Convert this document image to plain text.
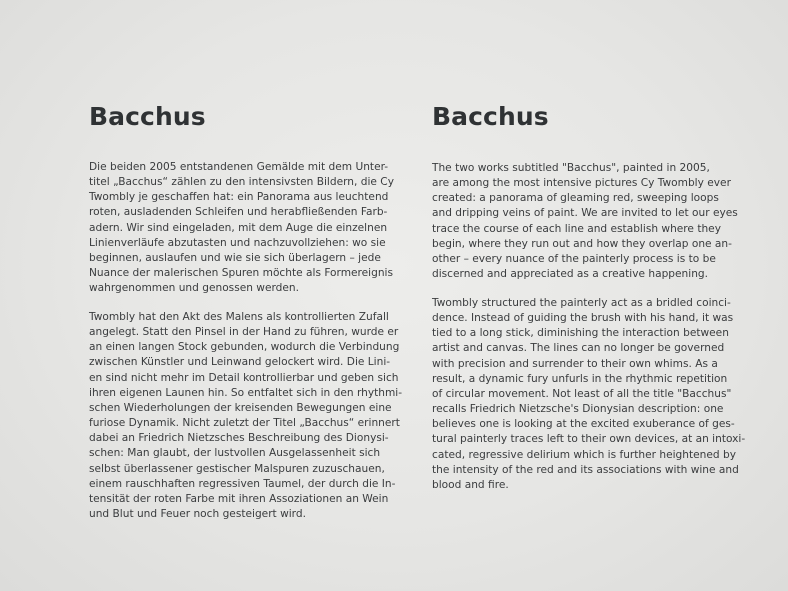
Bacchus
Die beiden 2005 entstandenen Gemälde mit dem Unter-
titel „Bacchus“ zählen zu den intensivsten Bildern, die Cy
Twombly je geschaffen hat: ein Panorama aus leuchtend
roten, ausladenden Schleifen und herabfließenden Farb-
adern. Wir sind eingeladen, mit dem Auge die einzelnen
Linienverläufe abzutasten und nachzuvollziehen: wo sie
beginnen, auslaufen und wie sie sich überlagern – jede
Nuance der malerischen Spuren möchte als Formereignis
wahrgenommen und genossen werden.
Twombly hat den Akt des Malens als kontrollierten Zufall
angelegt. Statt den Pinsel in der Hand zu führen, wurde er
an einen langen Stock gebunden, wodurch die Verbindung
zwischen Künstler und Leinwand gelockert wird. Die Lini-
en sind nicht mehr im Detail kontrollierbar und geben sich
ihren eigenen Launen hin. So entfaltet sich in den rhythmi-
schen Wiederholungen der kreisenden Bewegungen eine
furiose Dynamik. Nicht zuletzt der Titel „Bacchus“ erinnert
dabei an Friedrich Nietzsches Beschreibung des Dionysi-
schen: Man glaubt, der lustvollen Ausgelassenheit sich
selbst überlassener gestischer Malspuren zuzuschauen,
einem rauschhaften regressiven Taumel, der durch die In-
tensität der roten Farbe mit ihren Assoziationen an Wein
und Blut und Feuer noch gesteigert wird.
Bacchus
The two works subtitled "Bacchus", painted in 2005,
are among the most intensive pictures Cy Twombly ever
created: a panorama of gleaming red, sweeping loops
and dripping veins of paint. We are invited to let our eyes
trace the course of each line and establish where they
begin, where they run out and how they overlap one an-
other – every nuance of the painterly process is to be
discerned and appreciated as a creative happening.
Twombly structured the painterly act as a bridled coinci-
dence. Instead of guiding the brush with his hand, it was
tied to a long stick, diminishing the interaction between
artist and canvas. The lines can no longer be governed
with precision and surrender to their own whims. As a
result, a dynamic fury unfurls in the rhythmic repetition
of circular movement. Not least of all the title "Bacchus"
recalls Friedrich Nietzsche's Dionysian description: one
believes one is looking at the excited exuberance of ges-
tural painterly traces left to their own devices, at an intoxi-
cated, regressive delirium which is further heightened by
the intensity of the red and its associations with wine and
blood and fire.
